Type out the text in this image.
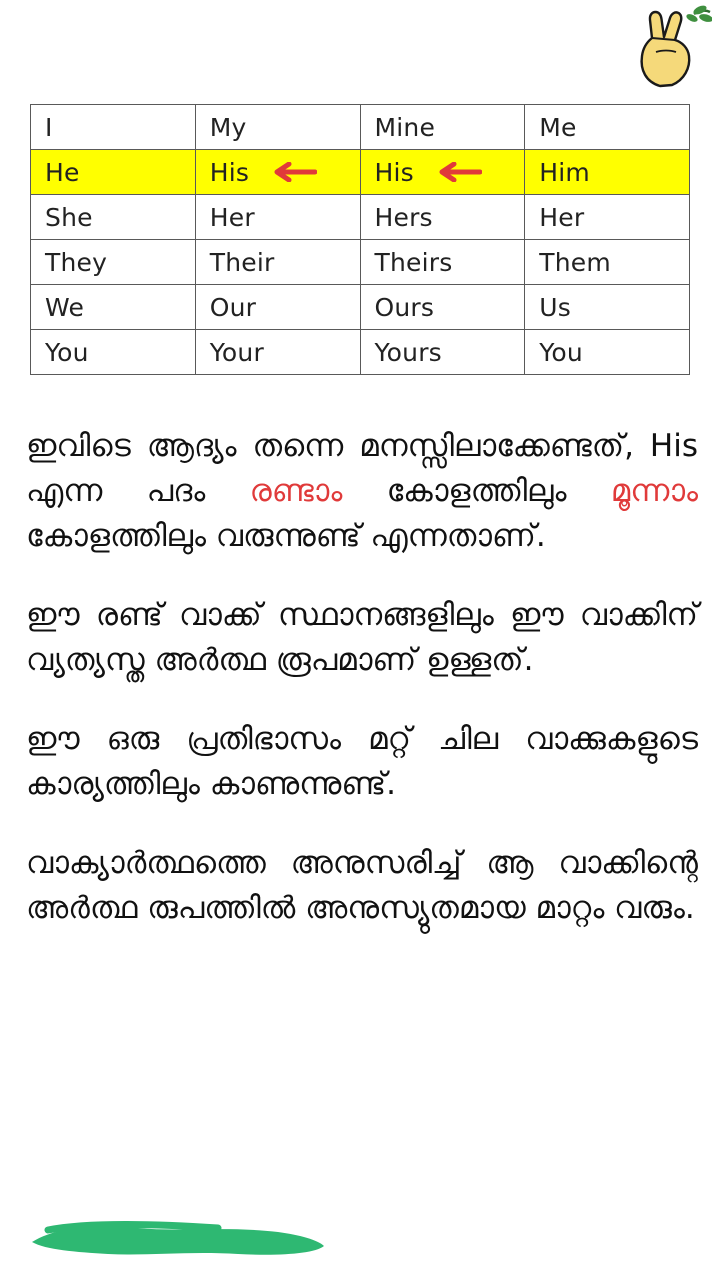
I	My	Mine	Me

He	His	His	Him

She	Her	Hers	Her

They	Their	Theirs	Them

We	Our	Ours	Us

You	Your	Yours	You

ഇവിടെ ആദ്യം തന്നെ മനസ്സിലാക്കേണ്ടത്, His എന്ന പദം രണ്ടാം കോളത്തിലും മൂന്നാം കോളത്തിലും വരുന്നുണ്ട് എന്നതാണ്.

ഈ രണ്ട് വാക്ക് സ്ഥാനങ്ങളിലും ഈ വാക്കിന് വ്യത്യസ്ത അർത്ഥ രൂപമാണ് ഉള്ളത്.

ഈ ഒരു പ്രതിഭാസം മറ്റ് ചില വാക്കുകളുടെ കാര്യത്തിലും കാണുന്നുണ്ട്.

വാക്യാർത്ഥത്തെ അനുസരിച്ച് ആ വാക്കിന്റെ അർത്ഥ രുപത്തിൽ അനുസ്യുതമായ മാറ്റം വരും.
